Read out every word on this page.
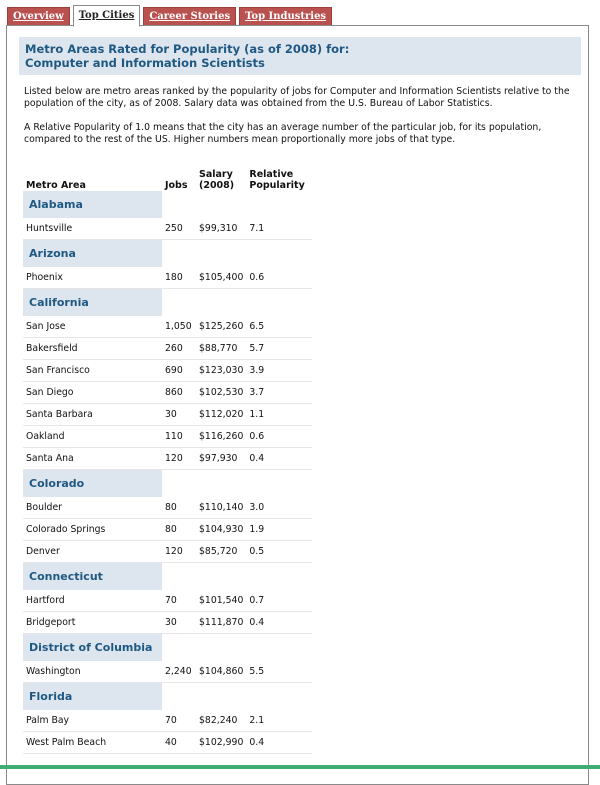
Overview	Top Cities	Career Stories	Top Industries
Metro Areas Rated for Popularity (as of 2008) for:
Computer and Information Scientists

Listed below are metro areas ranked by the popularity of jobs for Computer and Information Scientists relative to the population of the city, as of 2008. Salary data was obtained from the U.S. Bureau of Labor Statistics.

A Relative Popularity of 1.0 means that the city has an average number of the particular job, for its population, compared to the rest of the US. Higher numbers mean proportionally more jobs of that type.

Metro Area	Jobs	Salary (2008)	Relative Popularity
Alabama			
Huntsville	250	$99,310	7.1
Arizona			
Phoenix	180	$105,400	0.6
California			
San Jose	1,050	$125,260	6.5
Bakersfield	260	$88,770	5.7
San Francisco	690	$123,030	3.9
San Diego	860	$102,530	3.7
Santa Barbara	30	$112,020	1.1
Oakland	110	$116,260	0.6
Santa Ana	120	$97,930	0.4
Colorado			
Boulder	80	$110,140	3.0
Colorado Springs	80	$104,930	1.9
Denver	120	$85,720	0.5
Connecticut			
Hartford	70	$101,540	0.7
Bridgeport	30	$111,870	0.4
District of Columbia			
Washington	2,240	$104,860	5.5
Florida			
Palm Bay	70	$82,240	2.1
West Palm Beach	40	$102,990	0.4
